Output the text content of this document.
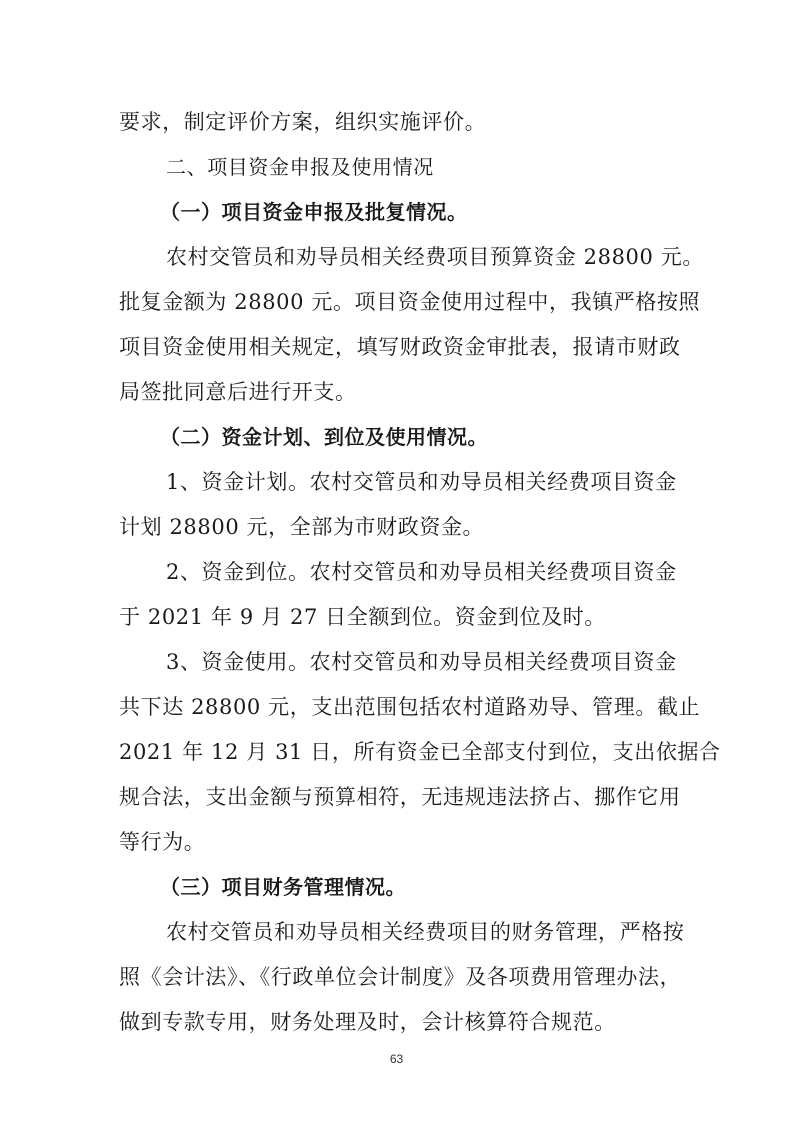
要求，制定评价方案，组织实施评价。
二、项目资金申报及使用情况
（一）项目资金申报及批复情况。
农村交管员和劝导员相关经费项目预算资金 28800 元。
批复金额为 28800 元。项目资金使用过程中，我镇严格按照
项目资金使用相关规定，填写财政资金审批表，报请市财政
局签批同意后进行开支。
（二）资金计划、到位及使用情况。
1、资金计划。农村交管员和劝导员相关经费项目资金
计划 28800 元，全部为市财政资金。
2、资金到位。农村交管员和劝导员相关经费项目资金
于 2021 年 9 月 27 日全额到位。资金到位及时。
3、资金使用。农村交管员和劝导员相关经费项目资金
共下达 28800 元，支出范围包括农村道路劝导、管理。截止
2021 年 12 月 31 日，所有资金已全部支付到位，支出依据合
规合法，支出金额与预算相符，无违规违法挤占、挪作它用
等行为。
（三）项目财务管理情况。
农村交管员和劝导员相关经费项目的财务管理，严格按
照《会计法》、《行政单位会计制度》及各项费用管理办法，
做到专款专用，财务处理及时，会计核算符合规范。
63
